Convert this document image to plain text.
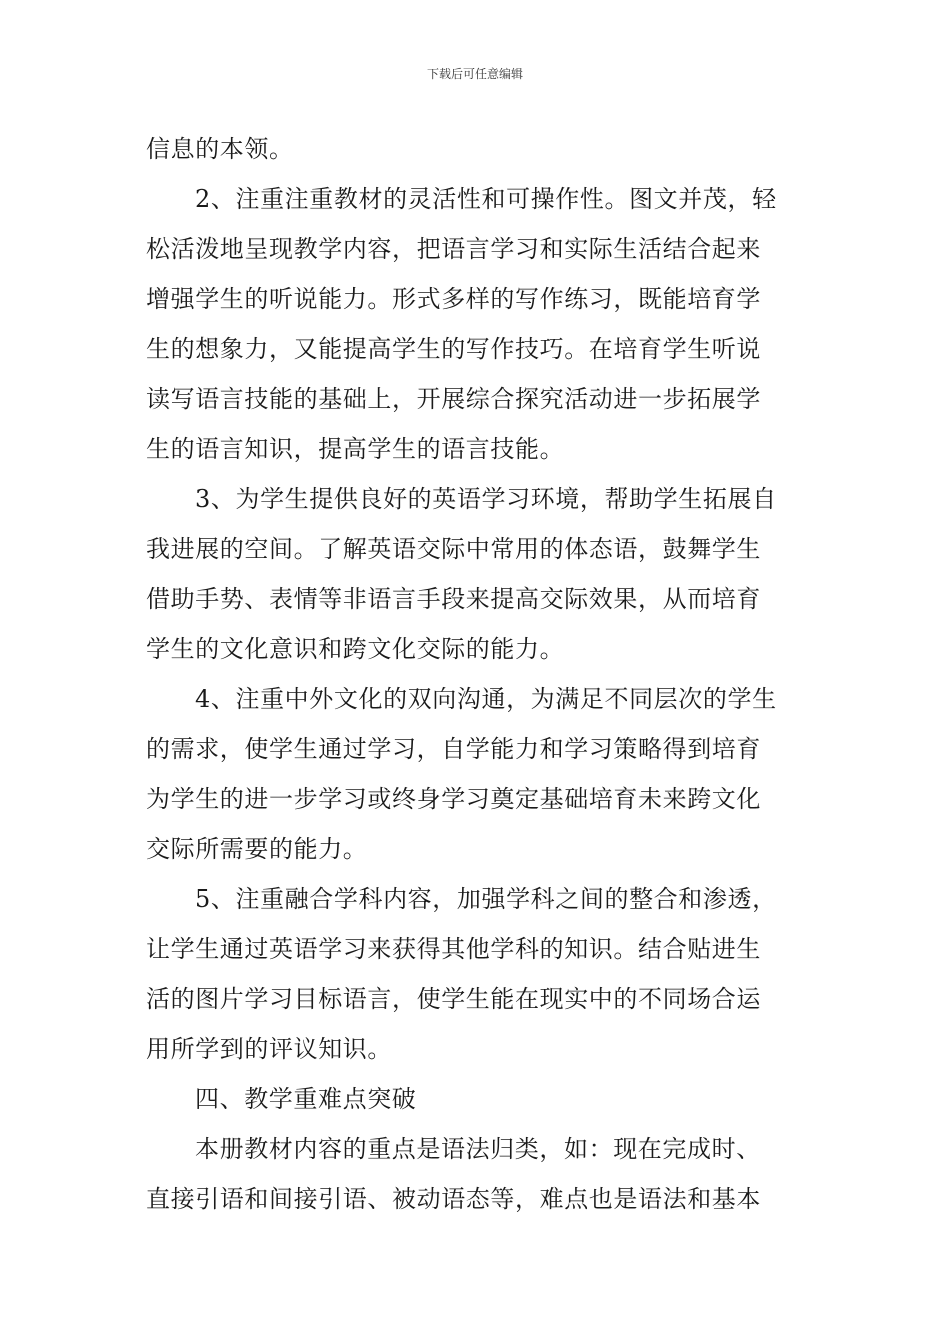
下载后可任意编辑
信息的本领。
2、注重注重教材的灵活性和可操作性。图文并茂，轻
松活泼地呈现教学内容，把语言学习和实际生活结合起来
增强学生的听说能力。形式多样的写作练习，既能培育学
生的想象力，又能提高学生的写作技巧。在培育学生听说
读写语言技能的基础上，开展综合探究活动进一步拓展学
生的语言知识，提高学生的语言技能。
3、为学生提供良好的英语学习环境，帮助学生拓展自
我进展的空间。了解英语交际中常用的体态语，鼓舞学生
借助手势、表情等非语言手段来提高交际效果，从而培育
学生的文化意识和跨文化交际的能力。
4、注重中外文化的双向沟通，为满足不同层次的学生
的需求，使学生通过学习，自学能力和学习策略得到培育
为学生的进一步学习或终身学习奠定基础培育未来跨文化
交际所需要的能力。
5、注重融合学科内容，加强学科之间的整合和渗透，
让学生通过英语学习来获得其他学科的知识。结合贴进生
活的图片学习目标语言，使学生能在现实中的不同场合运
用所学到的评议知识。
四、教学重难点突破
本册教材内容的重点是语法归类，如：现在完成时、
直接引语和间接引语、被动语态等，难点也是语法和基本
